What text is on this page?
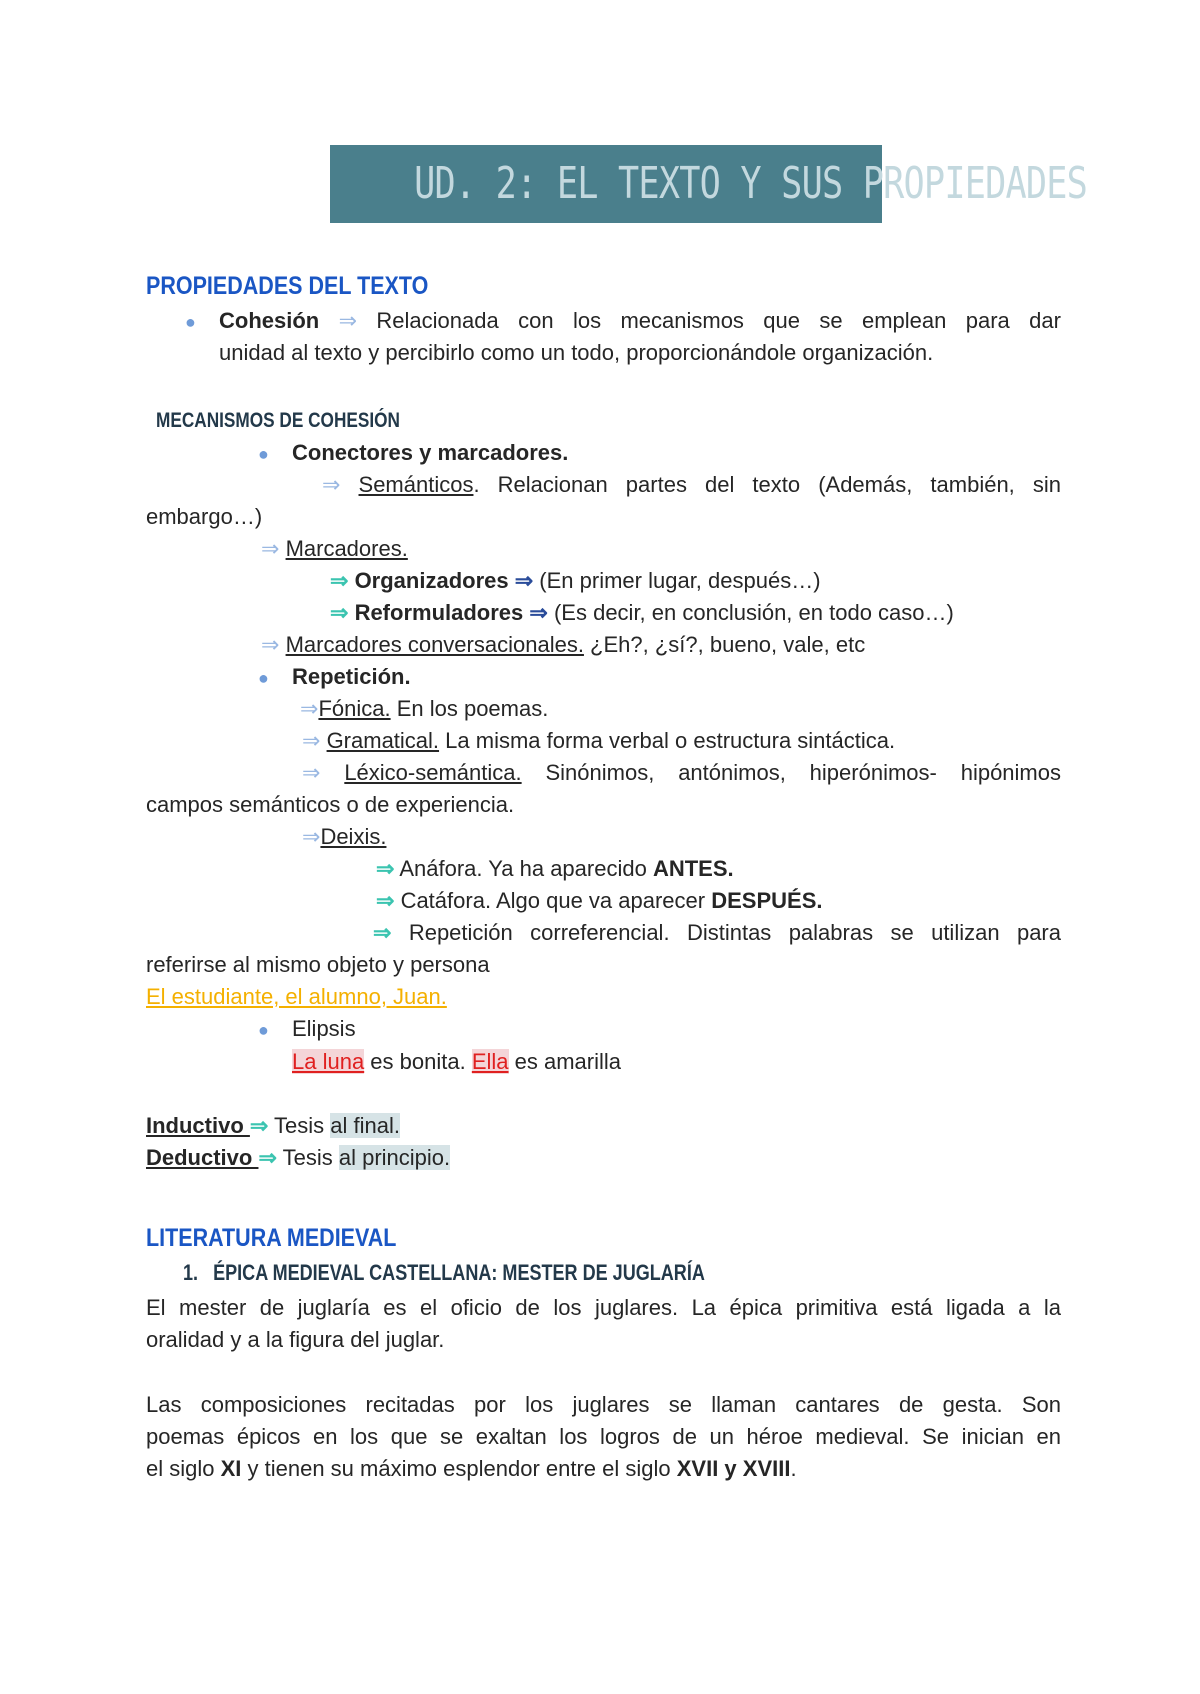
UD. 2: EL TEXTO Y SUS PROPIEDADES
PROPIEDADES DEL TEXTO
● Cohesión ⇒ Relacionada con los mecanismos que se emplean para dar
unidad al texto y percibirlo como un todo, proporcionándole organización.
MECANISMOS DE COHESIÓN
● Conectores y marcadores.
⇒ Semánticos. Relacionan partes del texto (Además, también, sin
embargo…)
⇒ Marcadores.
⇒ Organizadores ⇒ (En primer lugar, después…)
⇒ Reformuladores ⇒ (Es decir, en conclusión, en todo caso…)
⇒ Marcadores conversacionales. ¿Eh?, ¿sí?, bueno, vale, etc
● Repetición.
⇒Fónica. En los poemas.
⇒ Gramatical. La misma forma verbal o estructura sintáctica.
⇒ Léxico-semántica. Sinónimos, antónimos, hiperónimos- hipónimos
campos semánticos o de experiencia.
⇒Deixis.
⇒ Anáfora. Ya ha aparecido ANTES.
⇒ Catáfora. Algo que va aparecer DESPUÉS.
⇒ Repetición correferencial. Distintas palabras se utilizan para
referirse al mismo objeto y persona
El estudiante, el alumno, Juan.
● Elipsis
La luna es bonita. Ella es amarilla
Inductivo ⇒ Tesis al final.
Deductivo ⇒ Tesis al principio.
LITERATURA MEDIEVAL
1. ÉPICA MEDIEVAL CASTELLANA: MESTER DE JUGLARÍA
El mester de juglaría es el oficio de los juglares. La épica primitiva está ligada a la
oralidad y a la figura del juglar.
Las composiciones recitadas por los juglares se llaman cantares de gesta. Son
poemas épicos en los que se exaltan los logros de un héroe medieval. Se inician en
el siglo XI y tienen su máximo esplendor entre el siglo XVII y XVIII.
